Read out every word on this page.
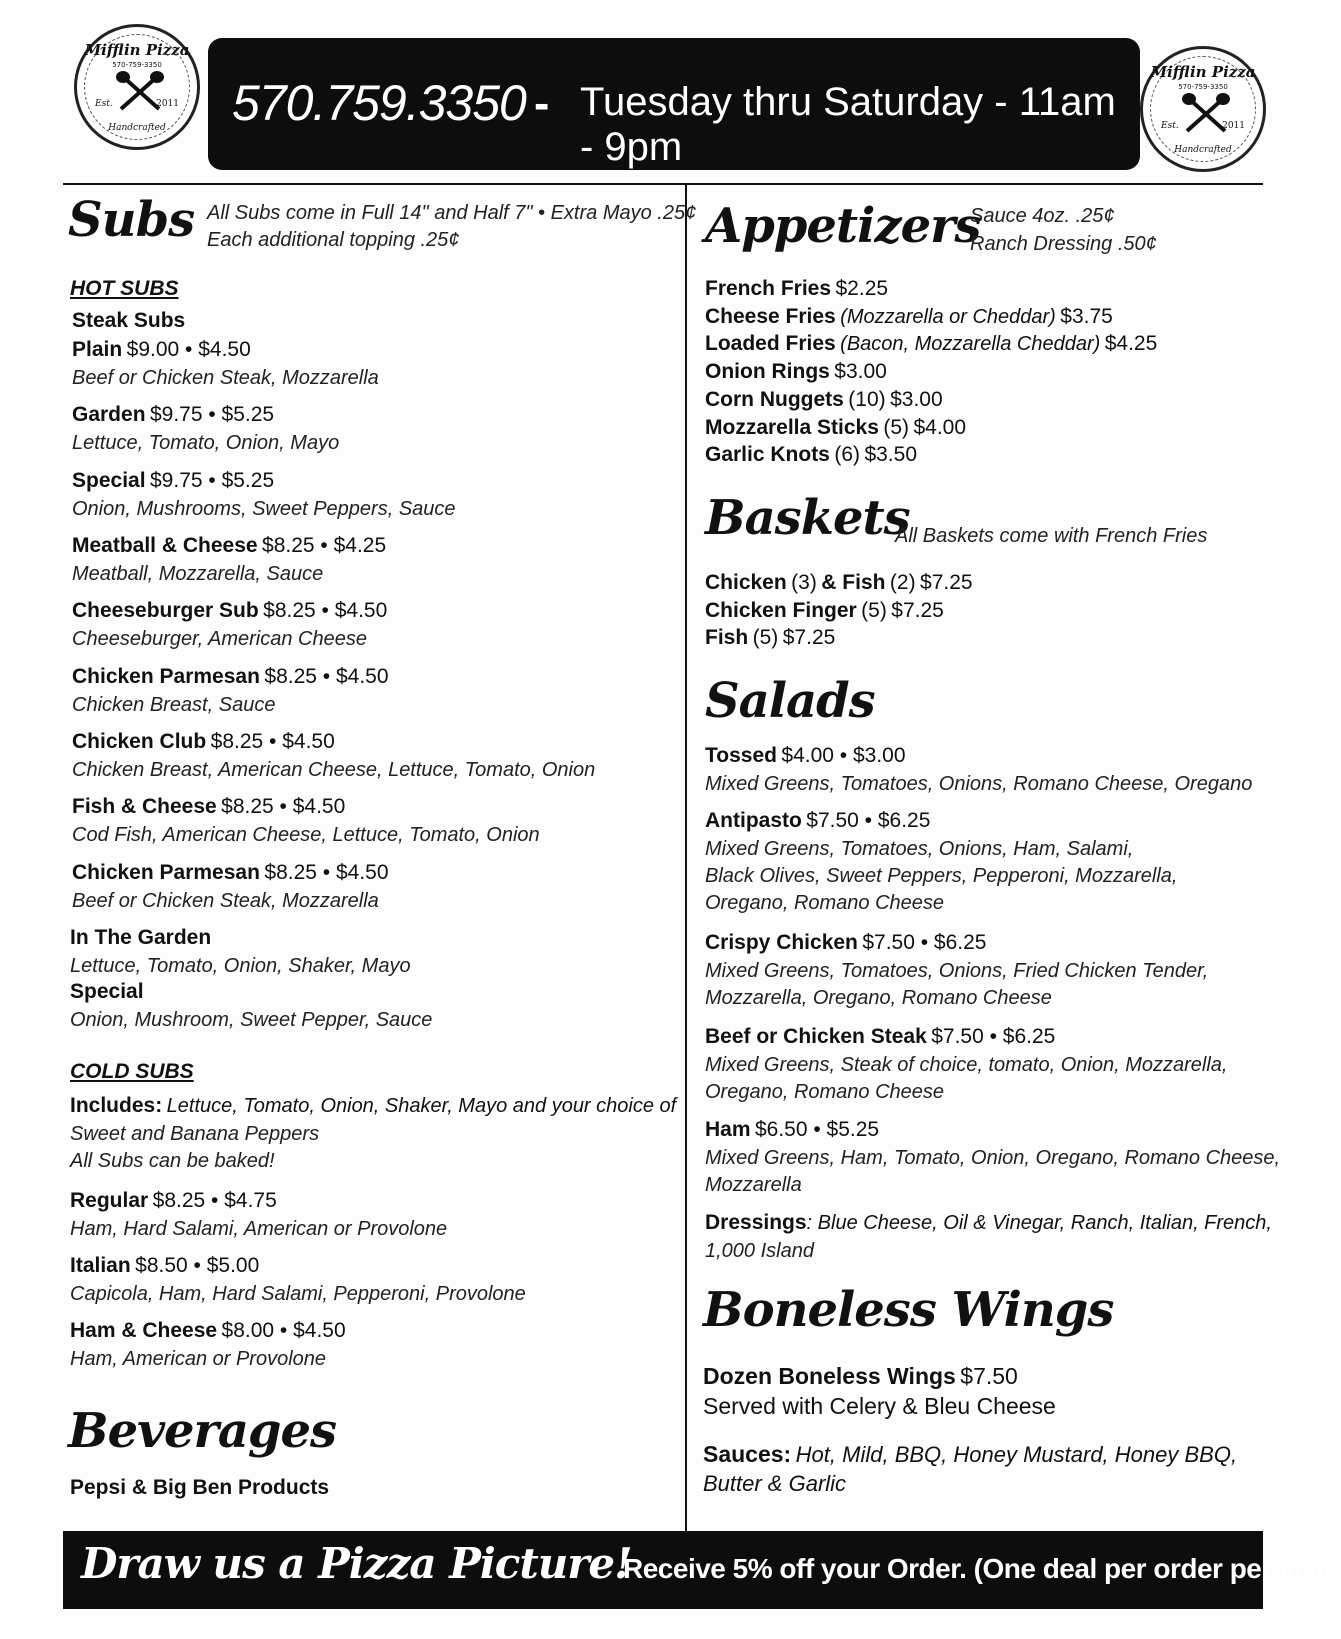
Mifflin Pizza
570-759-3350
Est.	2011
Handcrafted	570.759.3350 - Tuesday thru Saturday - 11am - 9pm
Mifflin Pizza
570-759-3350
Est.	2011
Handcrafted
Subs All Subs come in Full 14" and Half 7" • Extra Mayo .25¢
Each additional topping .25¢
HOT SUBS
Steak Subs
Plain $9.00 • $4.50
Beef or Chicken Steak, Mozzarella
Garden $9.75 • $5.25
Lettuce, Tomato, Onion, Mayo
Special $9.75 • $5.25
Onion, Mushrooms, Sweet Peppers, Sauce
Meatball & Cheese $8.25 • $4.25
Meatball, Mozzarella, Sauce
Cheeseburger Sub $8.25 • $4.50
Cheeseburger, American Cheese
Chicken Parmesan $8.25 • $4.50
Chicken Breast, Sauce
Chicken Club $8.25 • $4.50
Chicken Breast, American Cheese, Lettuce, Tomato, Onion
Fish & Cheese $8.25 • $4.50
Cod Fish, American Cheese, Lettuce, Tomato, Onion
Chicken Parmesan $8.25 • $4.50
Beef or Chicken Steak, Mozzarella
In The Garden
Lettuce, Tomato, Onion, Shaker, Mayo
Special
Onion, Mushroom, Sweet Pepper, Sauce
COLD SUBS
Includes: Lettuce, Tomato, Onion, Shaker, Mayo and your choice of
Sweet and Banana Peppers
All Subs can be baked!
Regular $8.25 • $4.75
Ham, Hard Salami, American or Provolone
Italian $8.50 • $5.00
Capicola, Ham, Hard Salami, Pepperoni, Provolone
Ham & Cheese $8.00 • $4.50
Ham, American or Provolone
Beverages
Pepsi & Big Ben Products
Appetizers
Sauce 4oz. .25¢
Ranch Dressing .50¢
French Fries $2.25
Cheese Fries (Mozzarella or Cheddar) $3.75
Loaded Fries (Bacon, Mozzarella Cheddar) $4.25
Onion Rings $3.00
Corn Nuggets (10) $3.00
Mozzarella Sticks (5) $4.00
Garlic Knots (6) $3.50
Baskets
All Baskets come with French Fries
Chicken (3) & Fish (2) $7.25
Chicken Finger (5) $7.25
Fish (5) $7.25
Salads
Tossed $4.00 • $3.00
Mixed Greens, Tomatoes, Onions, Romano Cheese, Oregano
Antipasto $7.50 • $6.25
Mixed Greens, Tomatoes, Onions, Ham, Salami,
Black Olives, Sweet Peppers, Pepperoni, Mozzarella,
Oregano, Romano Cheese
Crispy Chicken $7.50 • $6.25
Mixed Greens, Tomatoes, Onions, Fried Chicken Tender,
Mozzarella, Oregano, Romano Cheese
Beef or Chicken Steak $7.50 • $6.25
Mixed Greens, Steak of choice, tomato, Onion, Mozzarella,
Oregano, Romano Cheese
Ham $6.50 • $5.25
Mixed Greens, Ham, Tomato, Onion, Oregano, Romano Cheese,
Mozzarella
Dressings: Blue Cheese, Oil & Vinegar, Ranch, Italian, French,
1,000 Island
Boneless Wings
Dozen Boneless Wings $7.50
Served with Celery & Bleu Cheese
Sauces: Hot, Mild, BBQ, Honey Mustard, Honey BBQ,
Butter & Garlic
Draw us a Pizza Picture!
Receive 5% off your Order. (One deal per order per visit)
